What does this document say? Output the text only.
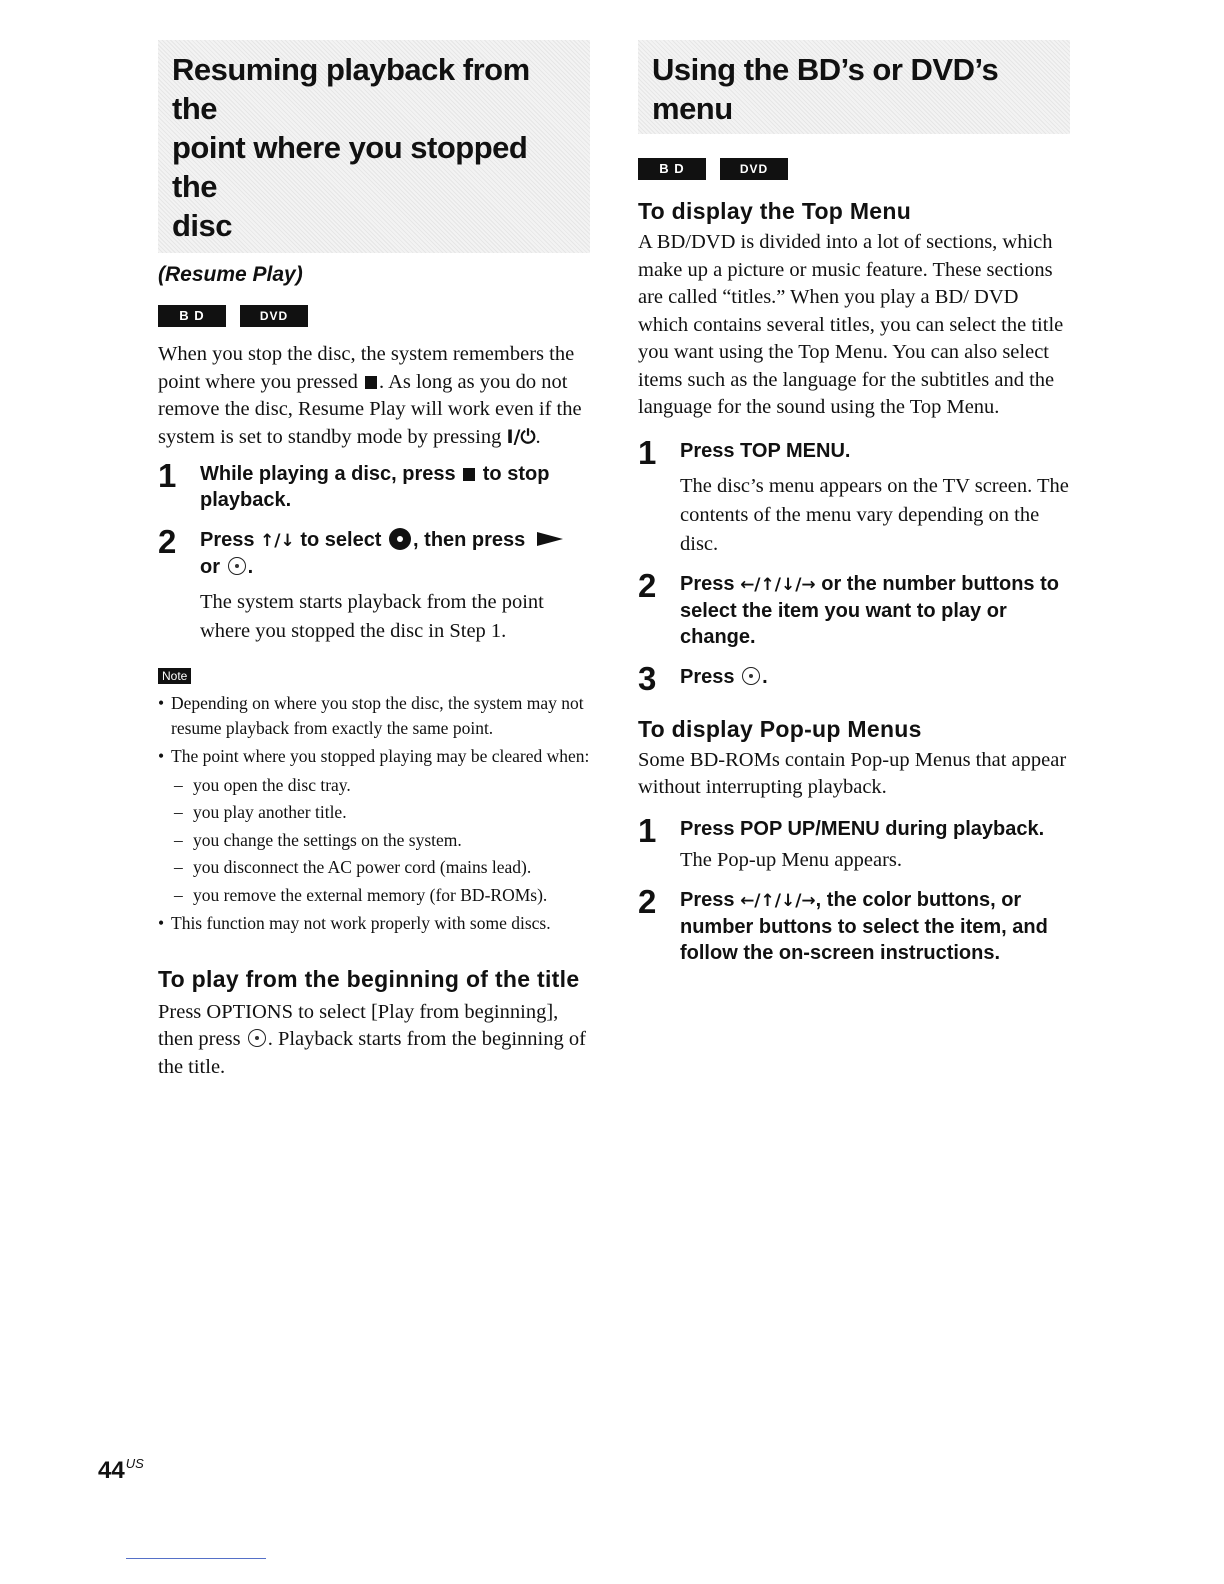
Resuming playback from the
point where you stopped the
disc
(Resume Play)
B D	DVD

When you stop the disc, the system remembers the point where you pressed . As long as you do not remove the disc, Resume Play will work even if the system is set to standby mode by pressing I/⏻.

1 While playing a disc, press to stop playback.
2 Press ↑/↓ to select , then press
or .
The system starts playback from the point where you stopped the disc in Step 1.
Note
• Depending on where you stop the disc, the system may not resume playback from exactly the same point.
• The point where you stopped playing may be cleared when:
– you open the disc tray.
– you play another title.
– you change the settings on the system.
– you disconnect the AC power cord (mains lead).
– you remove the external memory (for BD-ROMs).
• This function may not work properly with some discs.
To play from the beginning of the title

Press OPTIONS to select [Play from beginning], then press . Playback starts from the beginning of the title.

Using the BD’s or DVD’s menu
B D	DVD
To display the Top Menu

A BD/DVD is divided into a lot of sections, which make up a picture or music feature. These sections are called “titles.” When you play a BD/ DVD which contains several titles, you can select the title you want using the Top Menu. You can also select items such as the language for the subtitles and the language for the sound using the Top Menu.

1 Press TOP MENU.
The disc’s menu appears on the TV screen. The contents of the menu vary depending on the disc.
2 Press ←/↑/↓/→ or the number buttons to select the item you want to play or change.
3 Press .
To display Pop-up Menus

Some BD-ROMs contain Pop-up Menus that appear without interrupting playback.

1 Press POP UP/MENU during playback.
The Pop-up Menu appears.
2 Press ←/↑/↓/→, the color buttons, or number buttons to select the item, and follow the on-screen instructions.
$44^{US}$
